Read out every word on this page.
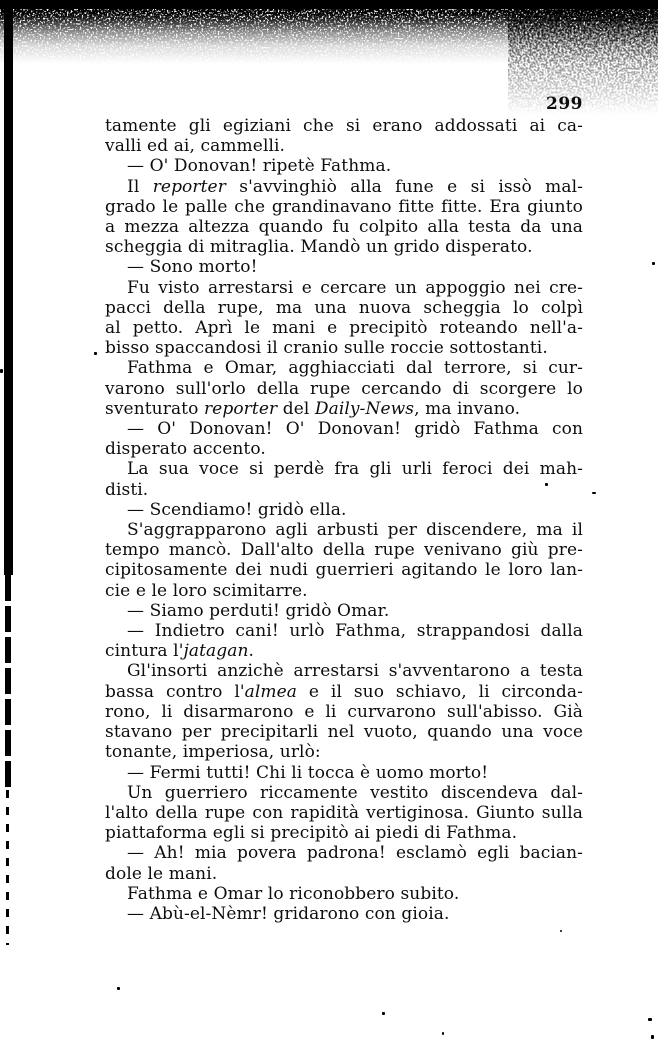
299
tamente gli egiziani che si erano addossati ai ca-
valli ed ai, cammelli.
— O' Donovan! ripetè Fathma.
Il reporter s'avvinghiò alla fune e si issò mal-
grado le palle che grandinavano fitte fitte. Era giunto
a mezza altezza quando fu colpito alla testa da una
scheggia di mitraglia. Mandò un grido disperato.
— Sono morto!
Fu visto arrestarsi e cercare un appoggio nei cre-
pacci della rupe, ma una nuova scheggia lo colpì
al petto. Aprì le mani e precipitò roteando nell'a-
bisso spaccandosi il cranio sulle roccie sottostanti.
Fathma e Omar, agghiacciati dal terrore, si cur-
varono sull'orlo della rupe cercando di scorgere lo
sventurato reporter del Daily-News, ma invano.
— O' Donovan! O' Donovan! gridò Fathma con
disperato accento.
La sua voce si perdè fra gli urli feroci dei mah-
disti.
— Scendiamo! gridò ella.
S'aggrapparono agli arbusti per discendere, ma il
tempo mancò. Dall'alto della rupe venivano giù pre-
cipitosamente dei nudi guerrieri agitando le loro lan-
cie e le loro scimitarre.
— Siamo perduti! gridò Omar.
— Indietro cani! urlò Fathma, strappandosi dalla
cintura l'jatagan.
Gl'insorti anzichè arrestarsi s'avventarono a testa
bassa contro l'almea e il suo schiavo, li circonda-
rono, li disarmarono e li curvarono sull'abisso. Già
stavano per precipitarli nel vuoto, quando una voce
tonante, imperiosa, urlò:
— Fermi tutti! Chi li tocca è uomo morto!
Un guerriero riccamente vestito discendeva dal-
l'alto della rupe con rapidità vertiginosa. Giunto sulla
piattaforma egli si precipitò ai piedi di Fathma.
— Ah! mia povera padrona! esclamò egli bacian-
dole le mani.
Fathma e Omar lo riconobbero subito.
— Abù-el-Nèmr! gridarono con gioia.
